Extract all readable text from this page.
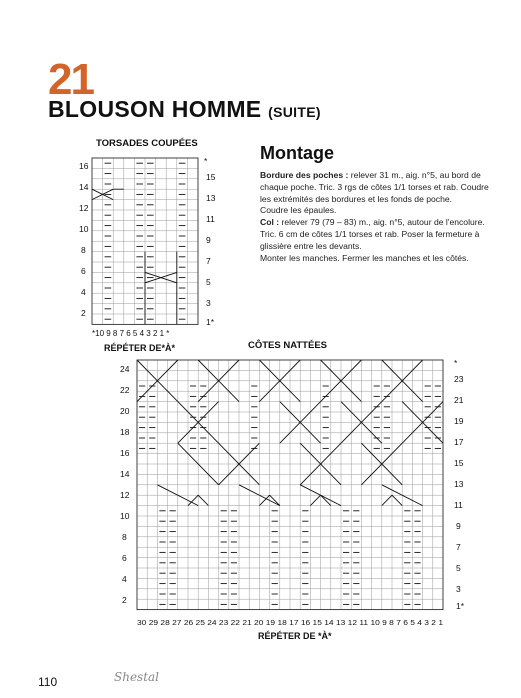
21
BLOUSON HOMME (SUITE)
TORSADES COUPÉES
16
14
12
10
8
6
4
2
*
15
13
11
9
7
5
3
1*
*10 9 8 7 6 5 4 3 2 1 *
RÉPÉTER DE*À*
Montage

Bordure des poches : relever 31 m., aig. n°5, au bord de chaque poche. Tric. 3 rgs de côtes 1/1 torses et rab. Coudre les extrémités des bordures et les fonds de poche.

Coudre les épaules.

Col : relever 79 (79 – 83) m., aig. n°5, autour de l'encolure. Tric. 6 cm de côtes 1/1 torses et rab. Poser la fermeture à glissière entre les devants.

Monter les manches. Fermer les manches et les côtés.

CÔTES NATTÉES
24
22
20
18
16
14
12
10
8
6
4
2
*
23
21
19
17
15
13
11
9
7
5
3
1*
30 29 28 27 26 25 24 23 22 21 20 19 18 17 16 15 14 13 12 11 10 9 8 7 6 5 4 3 2 1
RÉPÉTER DE *À*
110	Shestal
